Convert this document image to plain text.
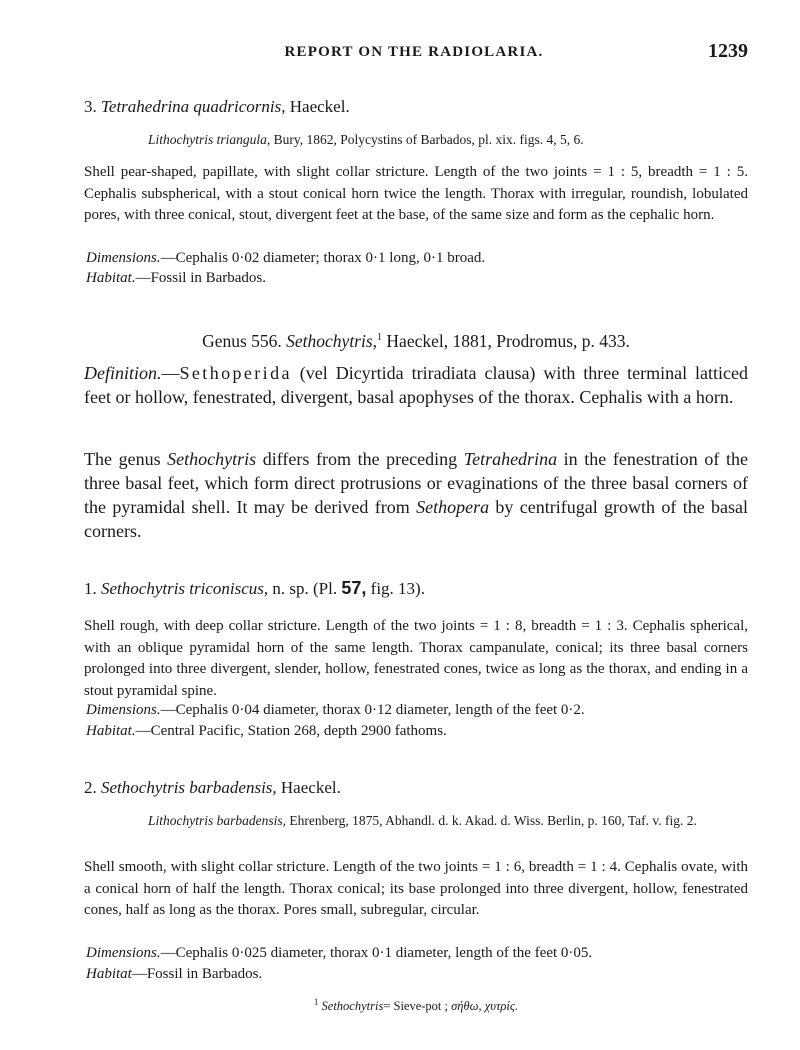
REPORT ON THE RADIOLARIA.	1239
3. Tetrahedrina quadricornis, Haeckel.
Lithochytris triangula, Bury, 1862, Polycystins of Barbados, pl. xix. figs. 4, 5, 6.
Shell pear-shaped, papillate, with slight collar stricture. Length of the two joints = 1 : 5, breadth = 1 : 5. Cephalis subspherical, with a stout conical horn twice the length. Thorax with irregular, roundish, lobulated pores, with three conical, stout, divergent feet at the base, of the same size and form as the cephalic horn.
Dimensions.—Cephalis 0·02 diameter; thorax 0·1 long, 0·1 broad.
Habitat.—Fossil in Barbados.
Genus 556. Sethochytris,$^1$ Haeckel, 1881, Prodromus, p. 433.
Definition.—Sethoperida (vel Dicyrtida triradiata clausa) with three terminal latticed feet or hollow, fenestrated, divergent, basal apophyses of the thorax. Cephalis with a horn.
The genus Sethochytris differs from the preceding Tetrahedrina in the fenestration of the three basal feet, which form direct protrusions or evaginations of the three basal corners of the pyramidal shell. It may be derived from Sethopera by centrifugal growth of the basal corners.
1. Sethochytris triconiscus, n. sp. (Pl. 57, fig. 13).
Shell rough, with deep collar stricture. Length of the two joints = 1 : 8, breadth = 1 : 3. Cephalis spherical, with an oblique pyramidal horn of the same length. Thorax campanulate, conical; its three basal corners prolonged into three divergent, slender, hollow, fenestrated cones, twice as long as the thorax, and ending in a stout pyramidal spine.
Dimensions.—Cephalis 0·04 diameter, thorax 0·12 diameter, length of the feet 0·2.
Habitat.—Central Pacific, Station 268, depth 2900 fathoms.
2. Sethochytris barbadensis, Haeckel.
Lithochytris barbadensis, Ehrenberg, 1875, Abhandl. d. k. Akad. d. Wiss. Berlin, p. 160, Taf. v. fig. 2.
Shell smooth, with slight collar stricture. Length of the two joints = 1 : 6, breadth = 1 : 4. Cephalis ovate, with a conical horn of half the length. Thorax conical; its base prolonged into three divergent, hollow, fenestrated cones, half as long as the thorax. Pores small, subregular, circular.
Dimensions.—Cephalis 0·025 diameter, thorax 0·1 diameter, length of the feet 0·05.
Habitat—Fossil in Barbados.
$^1$ Sethochytris= Sieve-pot ; σήθω, χυτρίς.
